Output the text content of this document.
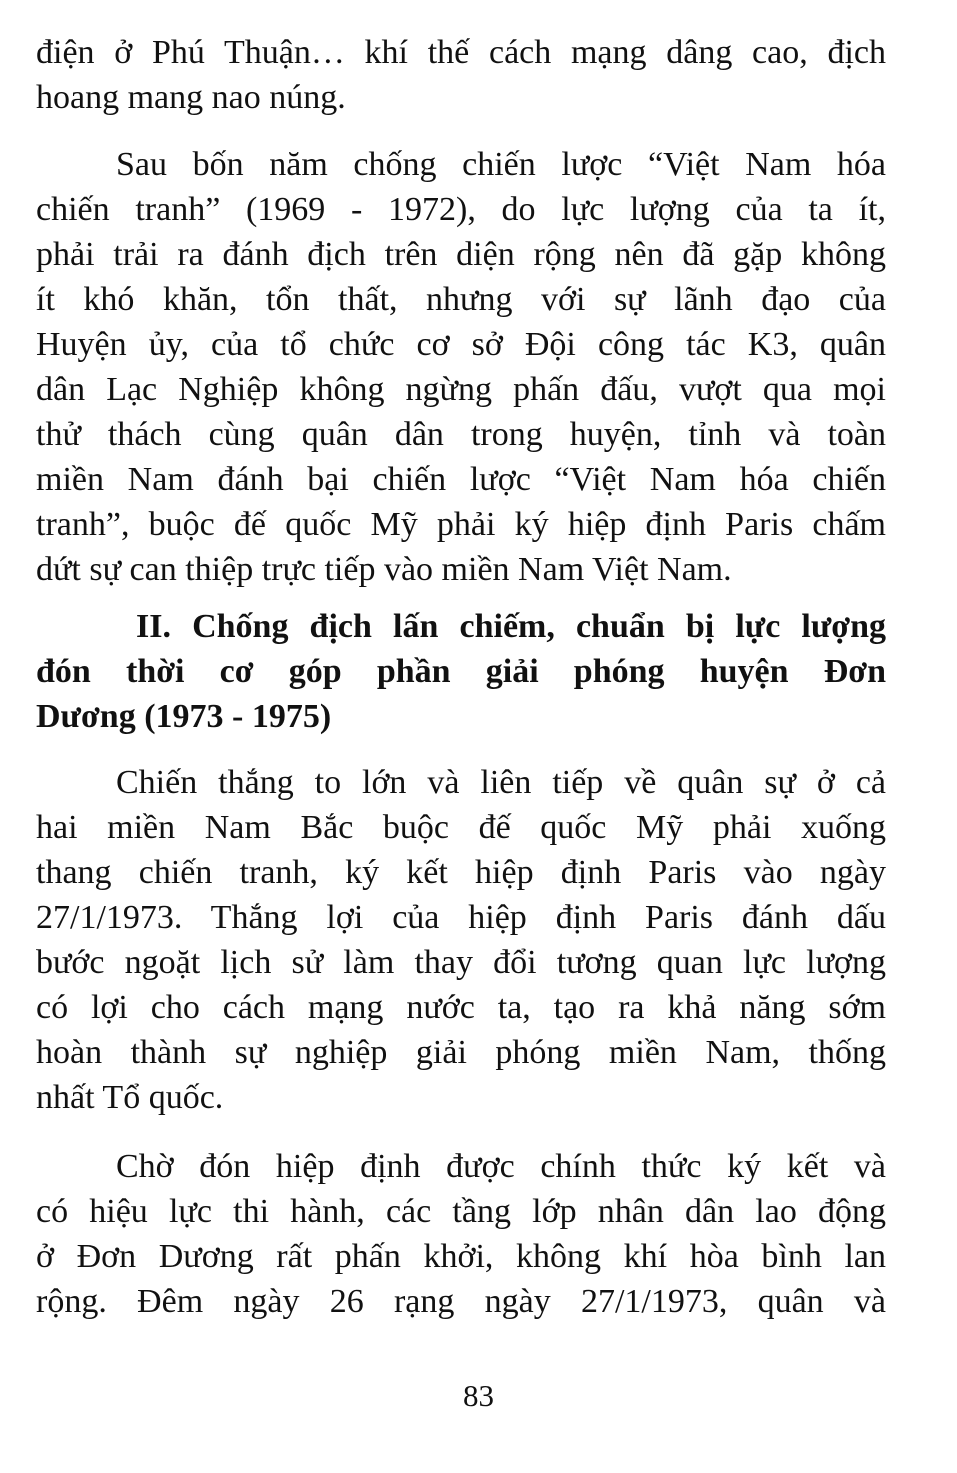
điện ở Phú Thuận… khí thế cách mạng dâng cao, địch
hoang mang nao núng.
Sau bốn năm chống chiến lược “Việt Nam hóa
chiến tranh” (1969 - 1972), do lực lượng của ta ít,
phải trải ra đánh địch trên diện rộng nên đã gặp không
ít khó khăn, tổn thất, nhưng với sự lãnh đạo của
Huyện ủy, của tổ chức cơ sở Đội công tác K3, quân
dân Lạc Nghiệp không ngừng phấn đấu, vượt qua mọi
thử thách cùng quân dân trong huyện, tỉnh và toàn
miền Nam đánh bại chiến lược “Việt Nam hóa chiến
tranh”, buộc đế quốc Mỹ phải ký hiệp định Paris chấm
dứt sự can thiệp trực tiếp vào miền Nam Việt Nam.
II. Chống địch lấn chiếm, chuẩn bị lực lượng
đón thời cơ góp phần giải phóng huyện Đơn
Dương (1973 - 1975)
Chiến thắng to lớn và liên tiếp về quân sự ở cả
hai miền Nam Bắc buộc đế quốc Mỹ phải xuống
thang chiến tranh, ký kết hiệp định Paris vào ngày
27/1/1973. Thắng lợi của hiệp định Paris đánh dấu
bước ngoặt lịch sử làm thay đổi tương quan lực lượng
có lợi cho cách mạng nước ta, tạo ra khả năng sớm
hoàn thành sự nghiệp giải phóng miền Nam, thống
nhất Tổ quốc.
Chờ đón hiệp định được chính thức ký kết và
có hiệu lực thi hành, các tầng lớp nhân dân lao động
ở Đơn Dương rất phấn khởi, không khí hòa bình lan
rộng. Đêm ngày 26 rạng ngày 27/1/1973, quân và
83
